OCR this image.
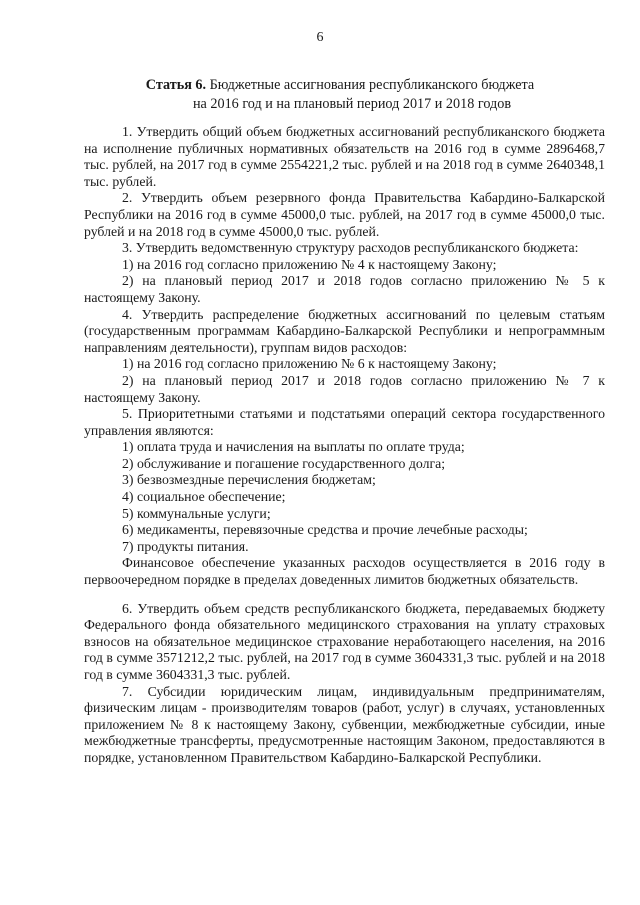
6
Статья 6. Бюджетные ассигнования республиканского бюджета
на 2016 год и на плановый период 2017 и 2018 годов

1. Утвердить общий объем бюджетных ассигнований республиканского бюджета на исполнение публичных нормативных обязательств на 2016 год в сумме 2896468,7 тыс. рублей, на 2017 год в сумме 2554221,2 тыс. рублей и на 2018 год в сумме 2640348,1 тыс. рублей.

2. Утвердить объем резервного фонда Правительства Кабардино-Балкарской Республики на 2016 год в сумме 45000,0 тыс. рублей, на 2017 год в сумме 45000,0 тыс. рублей и на 2018 год в сумме 45000,0 тыс. рублей.

3. Утвердить ведомственную структуру расходов республиканского бюджета:

1) на 2016 год согласно приложению № 4 к настоящему Закону;

2) на плановый период 2017 и 2018 годов согласно приложению № 5 к настоящему Закону.

4. Утвердить распределение бюджетных ассигнований по целевым статьям (государственным программам Кабардино-Балкарской Республики и непрограммным направлениям деятельности), группам видов расходов:

1) на 2016 год согласно приложению № 6 к настоящему Закону;

2) на плановый период 2017 и 2018 годов согласно приложению № 7 к настоящему Закону.

5. Приоритетными статьями и подстатьями операций сектора государственного управления являются:

1) оплата труда и начисления на выплаты по оплате труда;

2) обслуживание и погашение государственного долга;

3) безвозмездные перечисления бюджетам;

4) социальное обеспечение;

5) коммунальные услуги;

6) медикаменты, перевязочные средства и прочие лечебные расходы;

7) продукты питания.

Финансовое обеспечение указанных расходов осуществляется в 2016 году в первоочередном порядке в пределах доведенных лимитов бюджетных обязательств.

6. Утвердить объем средств республиканского бюджета, передаваемых бюджету Федерального фонда обязательного медицинского страхования на уплату страховых взносов на обязательное медицинское страхование неработающего населения, на 2016 год в сумме 3571212,2 тыс. рублей, на 2017 год в сумме 3604331,3 тыс. рублей и на 2018 год в сумме 3604331,3 тыс. рублей.

7. Субсидии юридическим лицам, индивидуальным предпринимателям, физическим лицам - производителям товаров (работ, услуг) в случаях, установленных приложением № 8 к настоящему Закону, субвенции, межбюджетные субсидии, иные межбюджетные трансферты, предусмотренные настоящим Законом, предоставляются в порядке, установленном Правительством Кабардино-Балкарской Республики.
